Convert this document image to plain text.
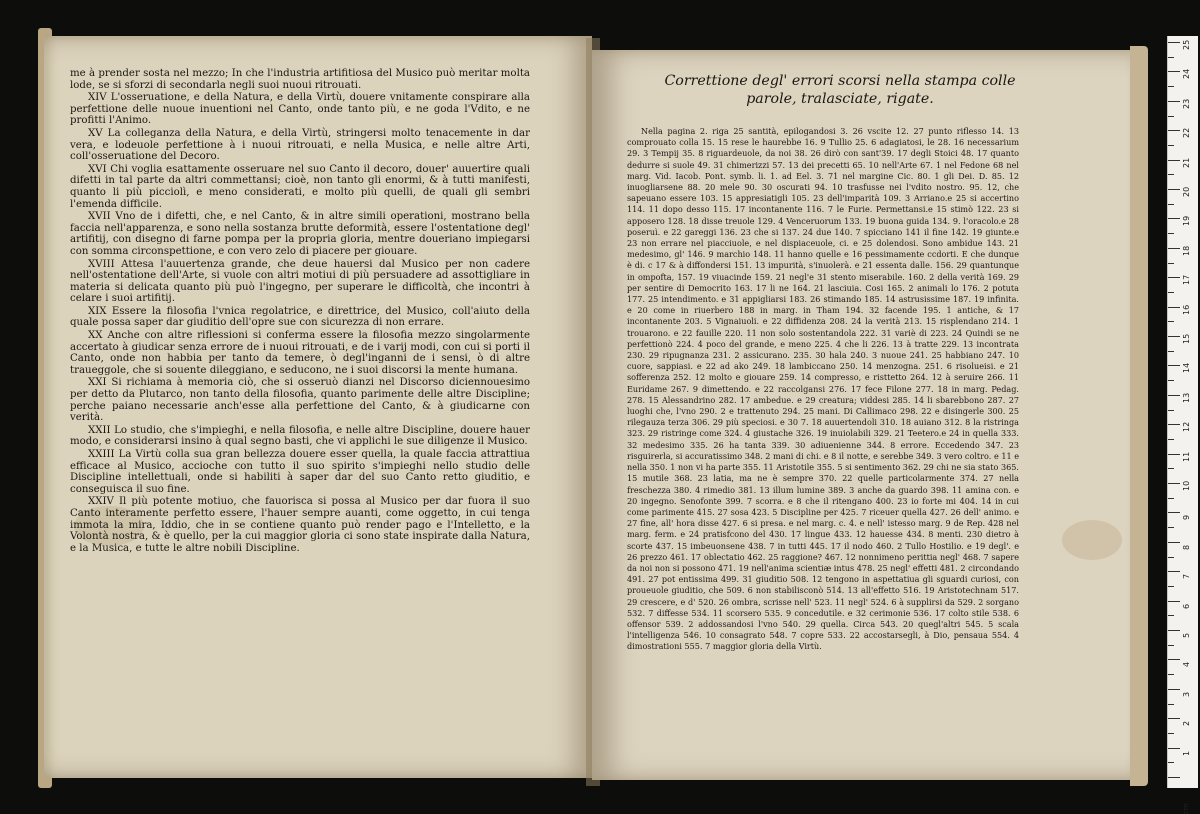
me à prender sosta nel mezzo; In che l'industria artifitiosa del Musico può meritar molta lode, se si sforzi di secondarla negli suoi nuoui ritrouati.

XIV L'osseruatione, e della Natura, e della Virtù, douere vnitamente conspirare alla perfettione delle nuoue inuentioni nel Canto, onde tanto più, e ne goda l'Vdito, e ne profitti l'Animo.

XV La colleganza della Natura, e della Virtù, stringersi molto tenacemente in dar vera, e lodeuole perfettione à i nuoui ritrouati, e nella Musica, e nelle altre Arti, coll'osseruatione del Decoro.

XVI Chi voglia esattamente osseruare nel suo Canto il decoro, douer' auuertire quali difetti in tal parte da altri commettansi; cioè, non tanto gli enormi, & à tutti manifesti, quanto li più picciolì, e meno considerati, e molto più quelli, de quali gli sembri l'emenda difficile.

XVII Vno de i difetti, che, e nel Canto, & in altre simili operationi, mostrano bella faccia nell'apparenza, e sono nella sostanza brutte deformità, essere l'ostentatione degl' artifitij, con disegno di farne pompa per la propria gloria, mentre doueriano impiegarsi con somma circonspettione, e con vero zelo di piacere per giouare.

XVIII Attesa l'auuertenza grande, che deue hauersi dal Musico per non cadere nell'ostentatione dell'Arte, si vuole con altri motiui di più persuadere ad assottigliare in materia si delicata quanto più può l'ingegno, per superare le difficoltà, che incontri à celare i suoi artifitij.

XIX Essere la filosofia l'vnica regolatrice, e direttrice, del Musico, coll'aiuto della quale possa saper dar giuditio dell'opre sue con sicurezza di non errare.

XX Anche con altre riflessioni si conferma essere la filosofia mezzo singolarmente accertato à giudicar senza errore de i nuoui ritrouati, e de i varij modi, con cui si porti il Canto, onde non habbia per tanto da temere, ò degl'inganni de i sensi, ò di altre traueggole, che si souente dileggiano, e seducono, ne i suoi discorsi la mente humana.

XXI Si richiama à memoria ciò, che si osseruò dianzi nel Discorso diciennouesimo per detto da Plutarco, non tanto della filosofia, quanto parimente delle altre Discipline; perche paiano necessarie anch'esse alla perfettione del Canto, & à giudicarne con verità.

XXII Lo studio, che s'impieghi, e nella filosofia, e nelle altre Discipline, douere hauer modo, e considerarsi insino à qual segno basti, che vi applichi le sue diligenze il Musico.

XXIII La Virtù colla sua gran bellezza douere esser quella, la quale faccia attrattiua efficace al Musico, accioche con tutto il suo spirito s'impieghi nello studio delle Discipline intellettuali, onde si habiliti à saper dar del suo Canto retto giuditio, e conseguisca il suo fine.

XXIV Il più potente motiuo, che fauorisca si possa al Musico per dar fuora il suo Canto interamente perfetto essere, l'hauer sempre auanti, come oggetto, in cui tenga immota la mira, Iddio, che in se contiene quanto può render pago e l'Intelletto, e la Volontà nostra, & è quello, per la cui maggior gloria ci sono state inspirate dalla Natura, e la Musica, e tutte le altre nobili Discipline.

Correttione degl' errori scorsi nella stampa colle parole, tralasciate, rigate.

Nella pagina 2. riga 25 santità, epilogandosi 3. 26 vscite 12. 27 punto riflesso 14. 13 comprouato colla 15. 15 rese le haurebbe 16. 9 Tullio 25. 6 adagiatosi, le 28. 16 necessarium 29. 3 Tempij 35. 8 riguardeuole, da noi 38. 26 dirò con sant'39. 17 degli Stoici 48. 17 quanto dedurre si suole 49. 31 chimerizzi 57. 13 dei precetti 65. 10 nell'Arte 67. 1 nel Fedone 68 nel marg. Vid. Iacob. Pont. symb. li. 1. ad Eel. 3. 71 nel margine Cic. 80. 1 gli Dei. D. 85. 12 inuogliarsene 88. 20 mele 90. 30 oscurati 94. 10 trasfusse nei l'vdito nostro. 95. 12, che sapeuano essere 103. 15 appresiatigli 105. 23 dell'imparità 109. 3 Arriano.e 25 si accertino 114. 11 dopo desso 115. 17 incontanente 116. 7 le Furie. Permettansi.e 15 stimò 122. 23 si apposero 128. 18 disse treuole 129. 4 Venceruorum 133. 19 buona guida 134. 9. l'oracolo.e 28 poseruì. e 22 gareggi 136. 23 che si 137. 24 due 140. 7 spicciano 141 il fine 142. 19 giunte.e 23 non errare nel piacciuole, e nel dispiaceuole, ci. e 25 dolendosi. Sono ambidue 143. 21 medesimo, gl' 146. 9 marchio 148. 11 hanno quelle e 16 pessimamente ccdorti. E che dunque è di. c 17 & à diffondersi 151. 13 impurità, s'inuolerà. e 21 essenta dalle. 156. 29 quantunque in ompofta, 157. 19 viuacinde 159. 21 negl'e 31 stento miserabile. 160. 2 della verità 169. 29 per sentire di Democrito 163. 17 li ne 164. 21 lasciuia. Cosi 165. 2 animali lo 176. 2 potuta 177. 25 intendimento. e 31 appigliarsi 183. 26 stimando 185. 14 astrusissime 187. 19 infinita. e 20 come in riuerbero 188 in marg. in Tham 194. 32 facende 195. 1 antiche, & 17 incontanente 203. 5 Vignaiuoli. e 22 diffidenza 208. 24 la verità 213. 15 risplendano 214. 1 trouarono. e 22 fauille 220. 11 non solo sostentandola 222. 31 variè di 223. 24 Quindi se ne perfettionò 224. 4 poco del grande, e meno 225. 4 che li 226. 13 à tratte 229. 13 incontrata 230. 29 ripugnanza 231. 2 assicurano. 235. 30 hala 240. 3 nuoue 241. 25 habbiano 247. 10 cuore, sappiasi. e 22 ad ako 249. 18 lambiccano 250. 14 menzogna. 251. 6 risolueisi. e 21 sofferenza 252. 12 molto e giouare 259. 14 compresso, e risttetto 264. 12 à seruire 266. 11 Euridame 267. 9 dimettendo. e 22 raccolgansi 276. 17 fece Filone 277. 18 in marg. Pedag. 278. 15 Alessandrino 282. 17 ambedue. e 29 creatura; viddesi 285. 14 li sbarebbono 287. 27 luoghi che, l'vno 290. 2 e trattenuto 294. 25 mani. Di Callimaco 298. 22 e disingerle 300. 25 rilegauza terza 306. 29 più speciosi. e 30 7. 18 auuertendoli 310. 18 auiano 312. 8 la ristringa 323. 29 ristringe come 324. 4 giustache 326. 19 inuiolabili 329. 21 Teetero.e 24 in quella 333. 32 medesimo 335. 26 ha tanta 339. 30 adiuenienne 344. 8 errore. Eccedendo 347. 23 risguirerla, si accuratissimo 348. 2 mani di chi. e 8 il notte, e serebbe 349. 3 vero coltro. e 11 e nella 350. 1 non vi ha parte 355. 11 Aristotile 355. 5 si sentimento 362. 29 chi ne sia stato 365. 15 mutile 368. 23 latia, ma ne è sempre 370. 22 quelle particolarmente 374. 27 nella freschezza 380. 4 rimedio 381. 13 illum lumine 389. 3 anche da guardo 398. 11 amina con. e 20 ingegno. Senofonte 399. 7 scorra. e 8 che il ritengano 400. 23 io forte mi 404. 14 in cui come parimente 415. 27 sosa 423. 5 Discipline per 425. 7 riceuer quella 427. 26 dell' animo. e 27 fine, all' hora disse 427. 6 si presa. e nel marg. c. 4. e nell' istesso marg. 9 de Rep. 428 nel marg. ferm. e 24 pratisfcono del 430. 17 lingue 433. 12 hauesse 434. 8 menti. 230 dietro à scorte 437. 15 imbeuonsene 438. 7 in tutti 445. 17 il nodo 460. 2 Tullo Hostilio. e 19 degl'. e 26 prezzo 461. 17 oblectatio 462. 25 raggione? 467. 12 nonnimeno perittia negl' 468. 7 sapere da noi non si possono 471. 19 nell'anima scientiæ intus 478. 25 negl' effetti 481. 2 circondando 491. 27 pot entissima 499. 31 giuditio 508. 12 tengono in aspettatiua gli sguardi curiosi, con proueuole giuditio, che 509. 6 non stabilisconò 514. 13 all'effetto 516. 19 Aristotechnam 517. 29 crescere, e d' 520. 26 ombra, scrisse nell' 523. 11 negl' 524. 6 à supplirsi da 529. 2 sorgano 532. 7 diffesse 534. 11 scorsero 535. 9 concedutile. e 32 cerimonie 536. 17 colto stile 538. 6 offensor 539. 2 addossandosi l'vno 540. 29 quella. Circa 543. 20 quegl'altri 545. 5 scala l'intelligenza 546. 10 consagrato 548. 7 copre 533. 22 accostarsegli, à Dio, pensaua 554. 4 dimostrationi 555. 7 maggior gloria della Virtù.

cm
1
2
3
4
5
6
7
8
9
10
11
12
13
14
15
16
17
18
19
20
21
22
23
24
25
